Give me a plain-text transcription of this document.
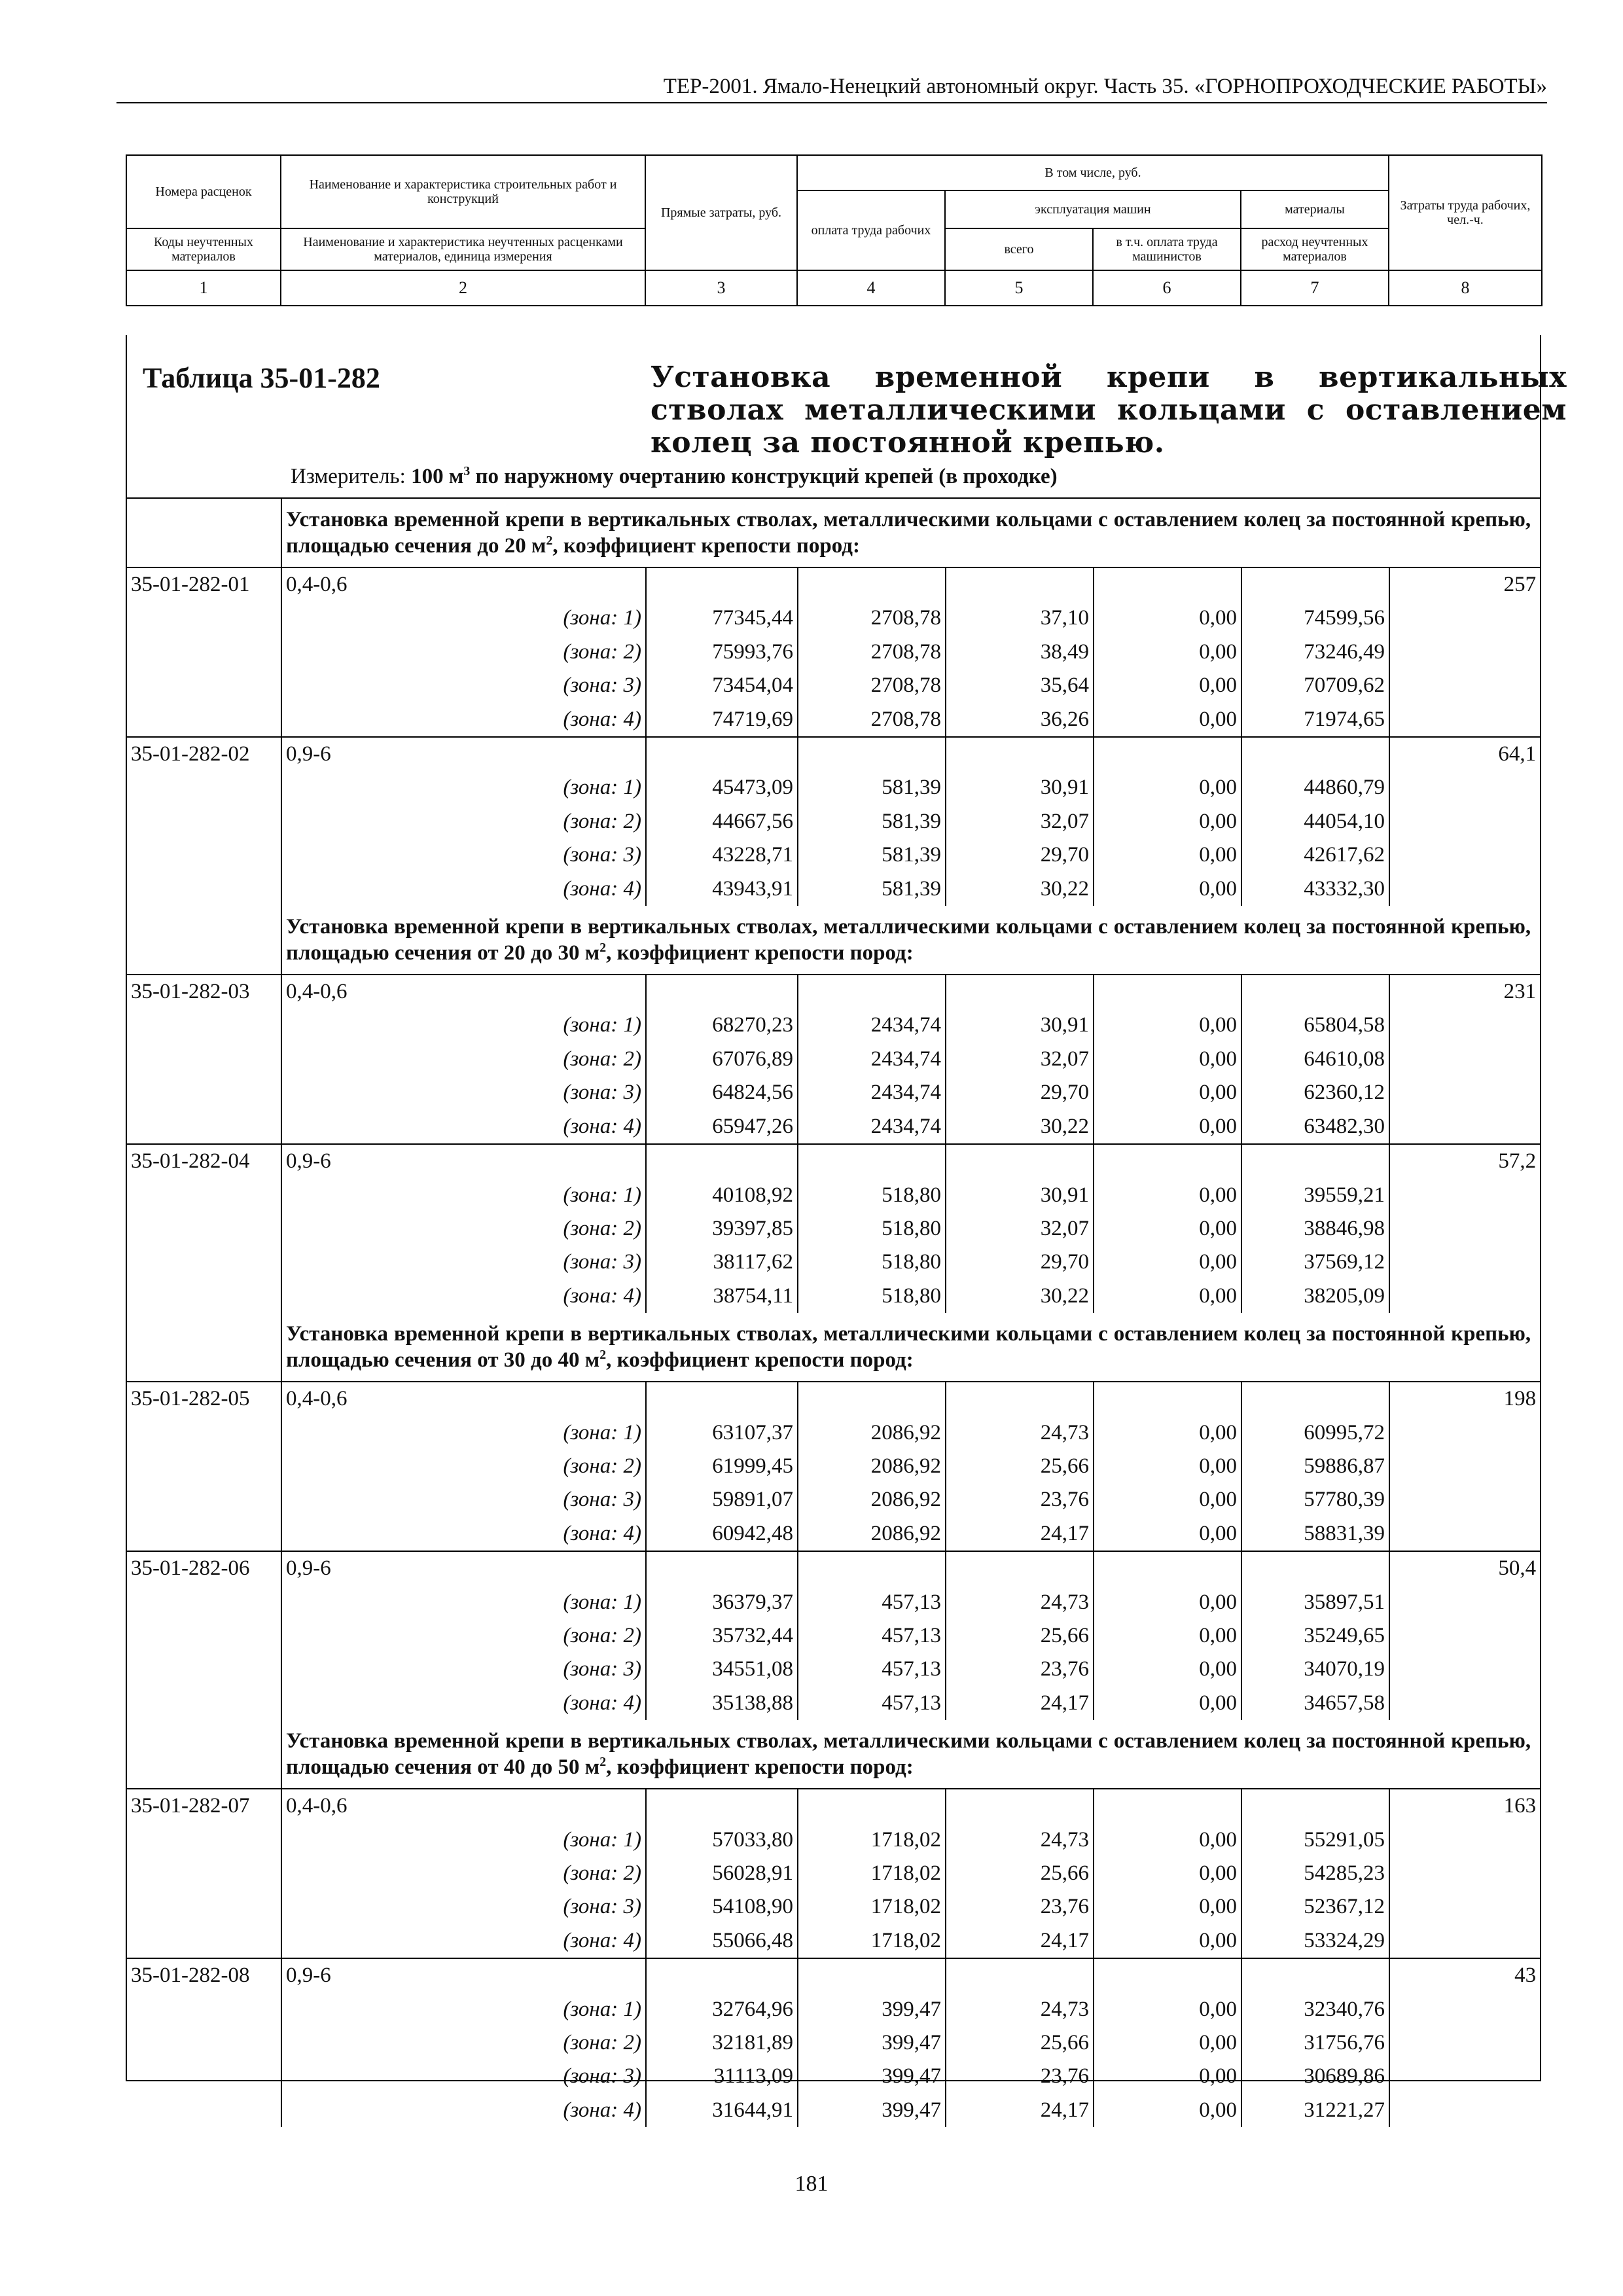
ТЕР-2001. Ямало-Ненецкий автономный округ. Часть 35. «ГОРНОПРОХОДЧЕСКИЕ РАБОТЫ»
Номера расценок	Наименование и характеристика строительных работ и конструкций	Прямые затраты, руб.	В том числе, руб.				Затраты труда рабочих, чел.-ч.
			оплата труда рабочих	эксплуатация машин		материалы	
Коды неучтенных материалов	Наименование и характеристика неучтенных расценками материалов, единица измерения			всего	в т.ч. оплата труда машинистов	расход неучтенных материалов	

1	2	3	4	5	6	7	8
Таблица 35-01-282	Установка временной крепи в вертикальных стволах металлическими кольцами с оставлением колец за постоянной крепью.
Измеритель: 100 $м^3$ по наружному очертанию конструкций крепей (в проходке)
	Установка временной крепи в вертикальных стволах, металлическими кольцами с оставлением колец за постоянной крепью, площадью сечения до 20 $м^2$, коэффициент крепости пород:						
35-01-282-01	0,4-0,6						257
	(зона: 1)	77345,44	2708,78	37,10	0,00	74599,56	
	(зона: 2)	75993,76	2708,78	38,49	0,00	73246,49	
	(зона: 3)	73454,04	2708,78	35,64	0,00	70709,62	
	(зона: 4)	74719,69	2708,78	36,26	0,00	71974,65	
35-01-282-02	0,9-6						64,1
	(зона: 1)	45473,09	581,39	30,91	0,00	44860,79	
	(зона: 2)	44667,56	581,39	32,07	0,00	44054,10	
	(зона: 3)	43228,71	581,39	29,70	0,00	42617,62	
	(зона: 4)	43943,91	581,39	30,22	0,00	43332,30	
	Установка временной крепи в вертикальных стволах, металлическими кольцами с оставлением колец за постоянной крепью, площадью сечения от 20 до 30 $м^2$, коэффициент крепости пород:						
35-01-282-03	0,4-0,6						231
	(зона: 1)	68270,23	2434,74	30,91	0,00	65804,58	
	(зона: 2)	67076,89	2434,74	32,07	0,00	64610,08	
	(зона: 3)	64824,56	2434,74	29,70	0,00	62360,12	
	(зона: 4)	65947,26	2434,74	30,22	0,00	63482,30	
35-01-282-04	0,9-6						57,2
	(зона: 1)	40108,92	518,80	30,91	0,00	39559,21	
	(зона: 2)	39397,85	518,80	32,07	0,00	38846,98	
	(зона: 3)	38117,62	518,80	29,70	0,00	37569,12	
	(зона: 4)	38754,11	518,80	30,22	0,00	38205,09	
	Установка временной крепи в вертикальных стволах, металлическими кольцами с оставлением колец за постоянной крепью, площадью сечения от 30 до 40 $м^2$, коэффициент крепости пород:						
35-01-282-05	0,4-0,6						198
	(зона: 1)	63107,37	2086,92	24,73	0,00	60995,72	
	(зона: 2)	61999,45	2086,92	25,66	0,00	59886,87	
	(зона: 3)	59891,07	2086,92	23,76	0,00	57780,39	
	(зона: 4)	60942,48	2086,92	24,17	0,00	58831,39	
35-01-282-06	0,9-6						50,4
	(зона: 1)	36379,37	457,13	24,73	0,00	35897,51	
	(зона: 2)	35732,44	457,13	25,66	0,00	35249,65	
	(зона: 3)	34551,08	457,13	23,76	0,00	34070,19	
	(зона: 4)	35138,88	457,13	24,17	0,00	34657,58	
	Установка временной крепи в вертикальных стволах, металлическими кольцами с оставлением колец за постоянной крепью, площадью сечения от 40 до 50 $м^2$, коэффициент крепости пород:						
35-01-282-07	0,4-0,6						163
	(зона: 1)	57033,80	1718,02	24,73	0,00	55291,05	
	(зона: 2)	56028,91	1718,02	25,66	0,00	54285,23	
	(зона: 3)	54108,90	1718,02	23,76	0,00	52367,12	
	(зона: 4)	55066,48	1718,02	24,17	0,00	53324,29	
35-01-282-08	0,9-6						43
	(зона: 1)	32764,96	399,47	24,73	0,00	32340,76	
	(зона: 2)	32181,89	399,47	25,66	0,00	31756,76	
	(зона: 3)	31113,09	399,47	23,76	0,00	30689,86	
	(зона: 4)	31644,91	399,47	24,17	0,00	31221,27	
181
